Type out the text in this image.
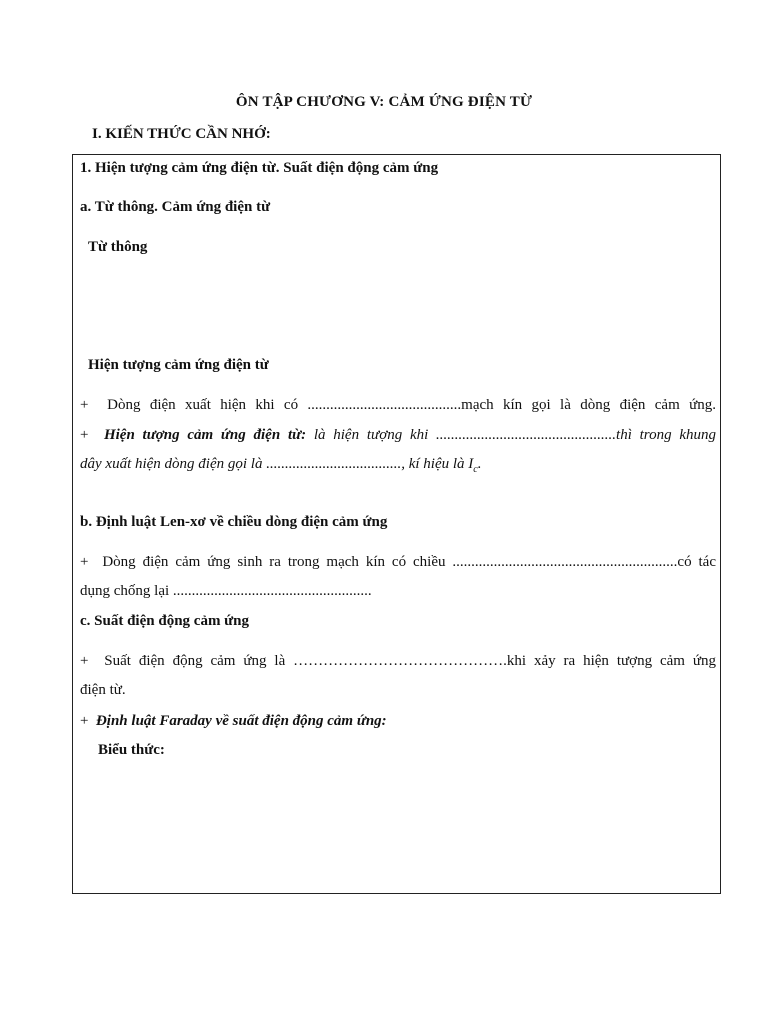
ÔN TẬP CHƯƠNG V: CẢM ỨNG ĐIỆN TỪ
I. KIẾN THỨC CẦN NHỚ:
1. Hiện tượng cảm ứng điện từ. Suất điện động cảm ứng
a. Từ thông. Cảm ứng điện từ
Từ thông
Hiện tượng cảm ứng điện từ
+  Dòng điện xuất hiện khi có .........................................mạch kín gọi là dòng điện cảm ứng.
+  Hiện tượng cảm ứng điện từ: là hiện tượng khi ................................................thì trong khung
dây xuất hiện dòng điện gọi là ...................................., kí hiệu là $I_c$.
b. Định luật Len-xơ về chiều dòng điện cảm ứng
+  Dòng điện cảm ứng sinh ra trong mạch kín có chiều ............................................................có tác
dụng chống lại .....................................................
c. Suất điện động cảm ứng
+  Suất điện động cảm ứng là …………………………………….khi xảy ra hiện tượng cảm ứng
điện từ.
+  Định luật Faraday về suất điện động cảm ứng:
Biểu thức:
